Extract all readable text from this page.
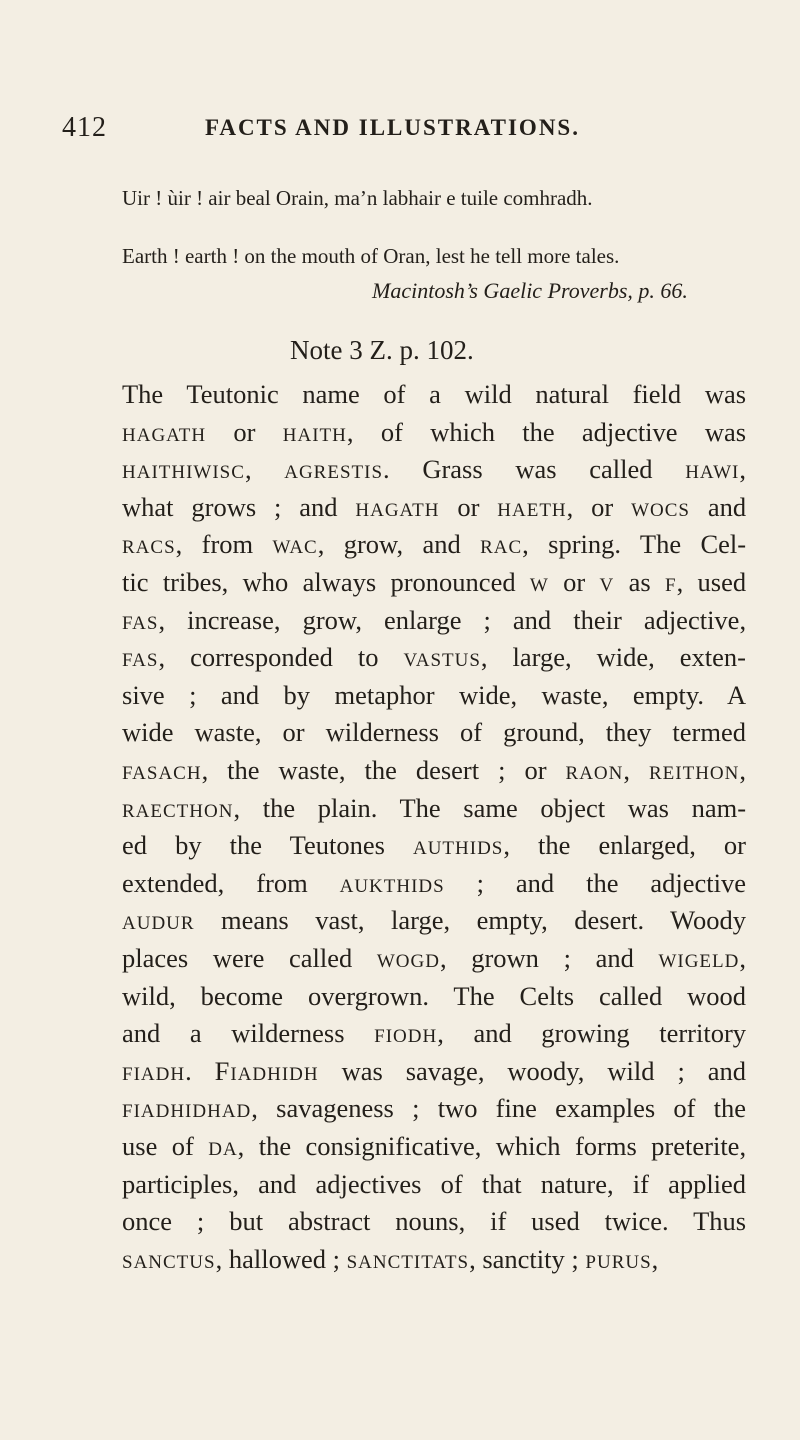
412	FACTS AND ILLUSTRATIONS.
Uir ! ùir ! air beal Orain, ma’n labhair e tuile comhradh.
Earth ! earth ! on the mouth of Oran, lest he tell more tales.
Macintosh’s Gaelic Proverbs, p. 66.
Note 3 Z. p. 102.
The Teutonic name of a wild natural field was
hagath or haith, of which the adjective was
haithiwisc, agrestis. Grass was called hawi,
what grows ; and hagath or haeth, or wocs and
racs, from wac, grow, and rac, spring. The Cel-
tic tribes, who always pronounced w or v as f, used
fas, increase, grow, enlarge ; and their adjective,
fas, corresponded to vastus, large, wide, exten-
sive ; and by metaphor wide, waste, empty. A
wide waste, or wilderness of ground, they termed
fasach, the waste, the desert ; or raon, reithon,
raecthon, the plain. The same object was nam-
ed by the Teutones authids, the enlarged, or
extended, from aukthids ; and the adjective
audur means vast, large, empty, desert. Woody
places were called wogd, grown ; and wigeld,
wild, become overgrown. The Celts called wood
and a wilderness fiodh, and growing territory
fiadh. Fiadhidh was savage, woody, wild ; and
fiadhidhad, savageness ; two fine examples of the
use of da, the consignificative, which forms preterite,
participles, and adjectives of that nature, if applied
once ; but abstract nouns, if used twice. Thus
sanctus, hallowed ; sanctitats, sanctity ; purus,
